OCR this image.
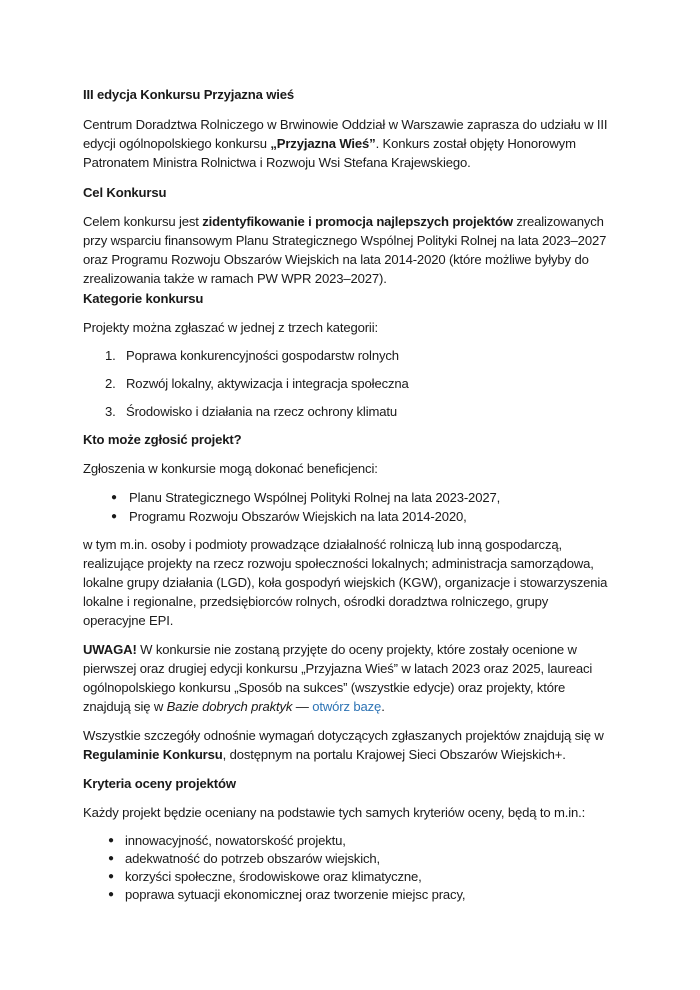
III edycja Konkursu Przyjazna wieś
Centrum Doradztwa Rolniczego w Brwinowie Oddział w Warszawie zaprasza do udziału w III
edycji ogólnopolskiego konkursu „Przyjazna Wieś”. Konkurs został objęty Honorowym
Patronatem Ministra Rolnictwa i Rozwoju Wsi Stefana Krajewskiego.
Cel Konkursu
Celem konkursu jest zidentyfikowanie i promocja najlepszych projektów zrealizowanych
przy wsparciu finansowym Planu Strategicznego Wspólnej Polityki Rolnej na lata 2023–2027
oraz Programu Rozwoju Obszarów Wiejskich na lata 2014-2020 (które możliwe byłyby do
zrealizowania także w ramach PW WPR 2023–2027).
Kategorie konkursu
Projekty można zgłaszać w jednej z trzech kategorii:
1. Poprawa konkurencyjności gospodarstw rolnych
2. Rozwój lokalny, aktywizacja i integracja społeczna
3. Środowisko i działania na rzecz ochrony klimatu
Kto może zgłosić projekt?
Zgłoszenia w konkursie mogą dokonać beneficjenci:
● Planu Strategicznego Wspólnej Polityki Rolnej na lata 2023-2027,
● Programu Rozwoju Obszarów Wiejskich na lata 2014-2020,
w tym m.in. osoby i podmioty prowadzące działalność rolniczą lub inną gospodarczą,
realizujące projekty na rzecz rozwoju społeczności lokalnych; administracja samorządowa,
lokalne grupy działania (LGD), koła gospodyń wiejskich (KGW), organizacje i stowarzyszenia
lokalne i regionalne, przedsiębiorców rolnych, ośrodki doradztwa rolniczego, grupy
operacyjne EPI.
UWAGA! W konkursie nie zostaną przyjęte do oceny projekty, które zostały ocenione w
pierwszej oraz drugiej edycji konkursu „Przyjazna Wieś” w latach 2023 oraz 2025, laureaci
ogólnopolskiego konkursu „Sposób na sukces” (wszystkie edycje) oraz projekty, które
znajdują się w Bazie dobrych praktyk — otwórz bazę.
Wszystkie szczegóły odnośnie wymagań dotyczących zgłaszanych projektów znajdują się w
Regulaminie Konkursu, dostępnym na portalu Krajowej Sieci Obszarów Wiejskich+.
Kryteria oceny projektów
Każdy projekt będzie oceniany na podstawie tych samych kryteriów oceny, będą to m.in.:
● innowacyjność, nowatorskość projektu,
● adekwatność do potrzeb obszarów wiejskich,
● korzyści społeczne, środowiskowe oraz klimatyczne,
● poprawa sytuacji ekonomicznej oraz tworzenie miejsc pracy,
